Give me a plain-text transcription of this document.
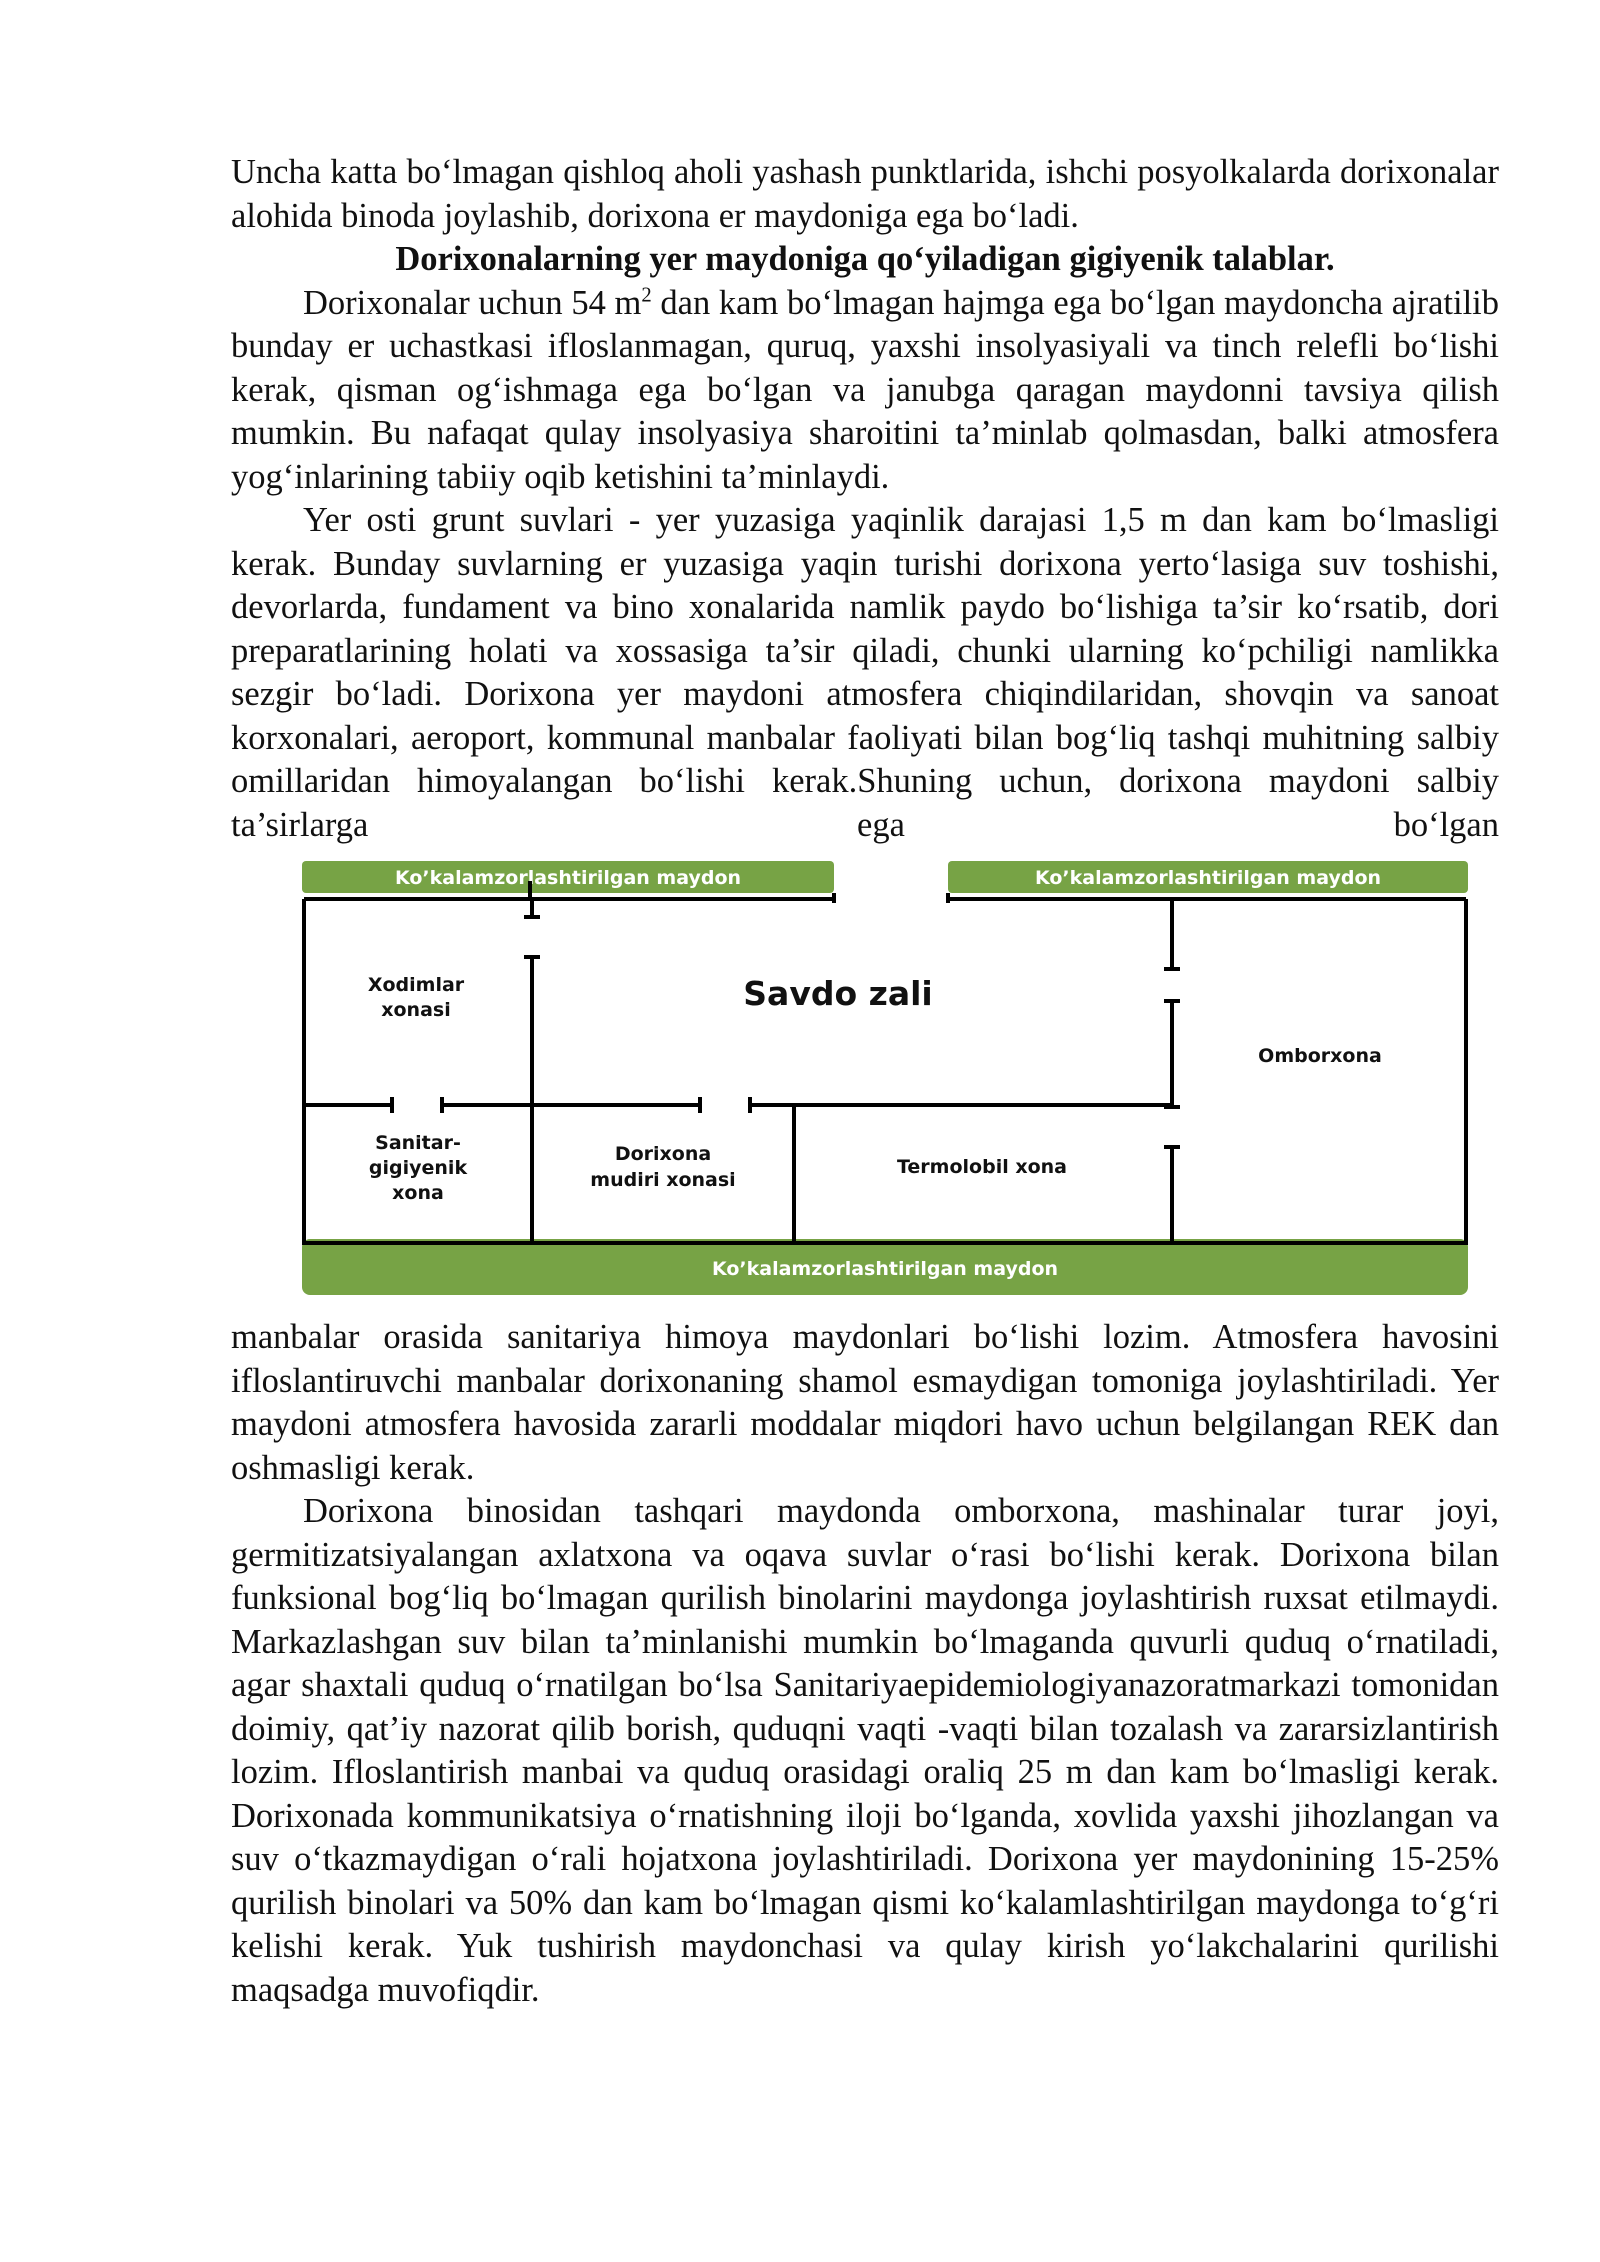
Uncha katta bo‘lmagan qishloq aholi yashash punktlarida, ishchi posyolkalarda dorixonalar alohida binoda joylashib, dorixona er maydoniga ega bo‘ladi.

Dorixonalarning yer maydoniga qo‘yiladigan gigiyenik talablar.

Dorixonalar uchun 54 $m^2$ dan kam bo‘lmagan hajmga ega bo‘lgan maydoncha ajratilib bunday er uchastkasi ifloslanmagan, quruq, yaxshi insolyasiyali va tinch relefli bo‘lishi kerak, qisman og‘ishmaga ega bo‘lgan va janubga qaragan maydonni tavsiya qilish mumkin. Bu nafaqat qulay insolyasiya sharoitini ta’minlab qolmasdan, balki atmosfera yog‘inlarining tabiiy oqib ketishini ta’minlaydi.

Yer osti grunt suvlari - yer yuzasiga yaqinlik darajasi 1,5 m dan kam bo‘lmasligi kerak. Bunday suvlarning er yuzasiga yaqin turishi dorixona yerto‘lasiga suv toshishi, devorlarda, fundament va bino xonalarida namlik paydo bo‘lishiga ta’sir ko‘rsatib, dori preparatlarining holati va xossasiga ta’sir qiladi, chunki ularning ko‘pchiligi namlikka sezgir bo‘ladi. Dorixona yer maydoni atmosfera chiqindilaridan, shovqin va sanoat korxonalari, aeroport, kommunal manbalar faoliyati bilan bog‘liq tashqi muhitning salbiy omillaridan himoyalangan bo‘lishi kerak.Shuning uchun, dorixona maydoni salbiy ta’sirlarga ega bo‘lgan

Ko’kalamzorlashtirilgan maydon	Ko’kalamzorlashtirilgan maydon
Ko’kalamzorlashtirilgan maydon
Xodimlar
xonasi	Savdo zali
Omborxona
Sanitar-
gigiyenik
xona
Dorixona
mudiri xonasi
Termolobil xona

manbalar orasida sanitariya himoya maydonlari bo‘lishi lozim. Atmosfera havosini ifloslantiruvchi manbalar dorixonaning shamol esmaydigan tomoniga joylashtiriladi. Yer maydoni atmosfera havosida zararli moddalar miqdori havo uchun belgilangan REK dan oshmasligi kerak.

Dorixona binosidan tashqari maydonda omborxona, mashinalar turar joyi, germitizatsiyalangan axlatxona va oqava suvlar o‘rasi bo‘lishi kerak. Dorixona bilan funksional bog‘liq bo‘lmagan qurilish binolarini maydonga joylashtirish ruxsat etilmaydi. Markazlashgan suv bilan ta’minlanishi mumkin bo‘lmaganda quvurli quduq o‘rnatiladi, agar shaxtali quduq o‘rnatilgan bo‘lsa Sanitariyaepidemiologiyanazoratmarkazi tomonidan doimiy, qat’iy nazorat qilib borish, quduqni vaqti -vaqti bilan tozalash va zararsizlantirish lozim. Ifloslantirish manbai va quduq orasidagi oraliq 25 m dan kam bo‘lmasligi kerak. Dorixonada kommunikatsiya o‘rnatishning iloji bo‘lganda, xovlida yaxshi jihozlangan va suv o‘tkazmaydigan o‘rali hojatxona joylashtiriladi. Dorixona yer maydonining 15-25% qurilish binolari va 50% dan kam bo‘lmagan qismi ko‘kalamlashtirilgan maydonga to‘g‘ri kelishi kerak. Yuk tushirish maydonchasi va qulay kirish yo‘lakchalarini qurilishi maqsadga muvofiqdir.
